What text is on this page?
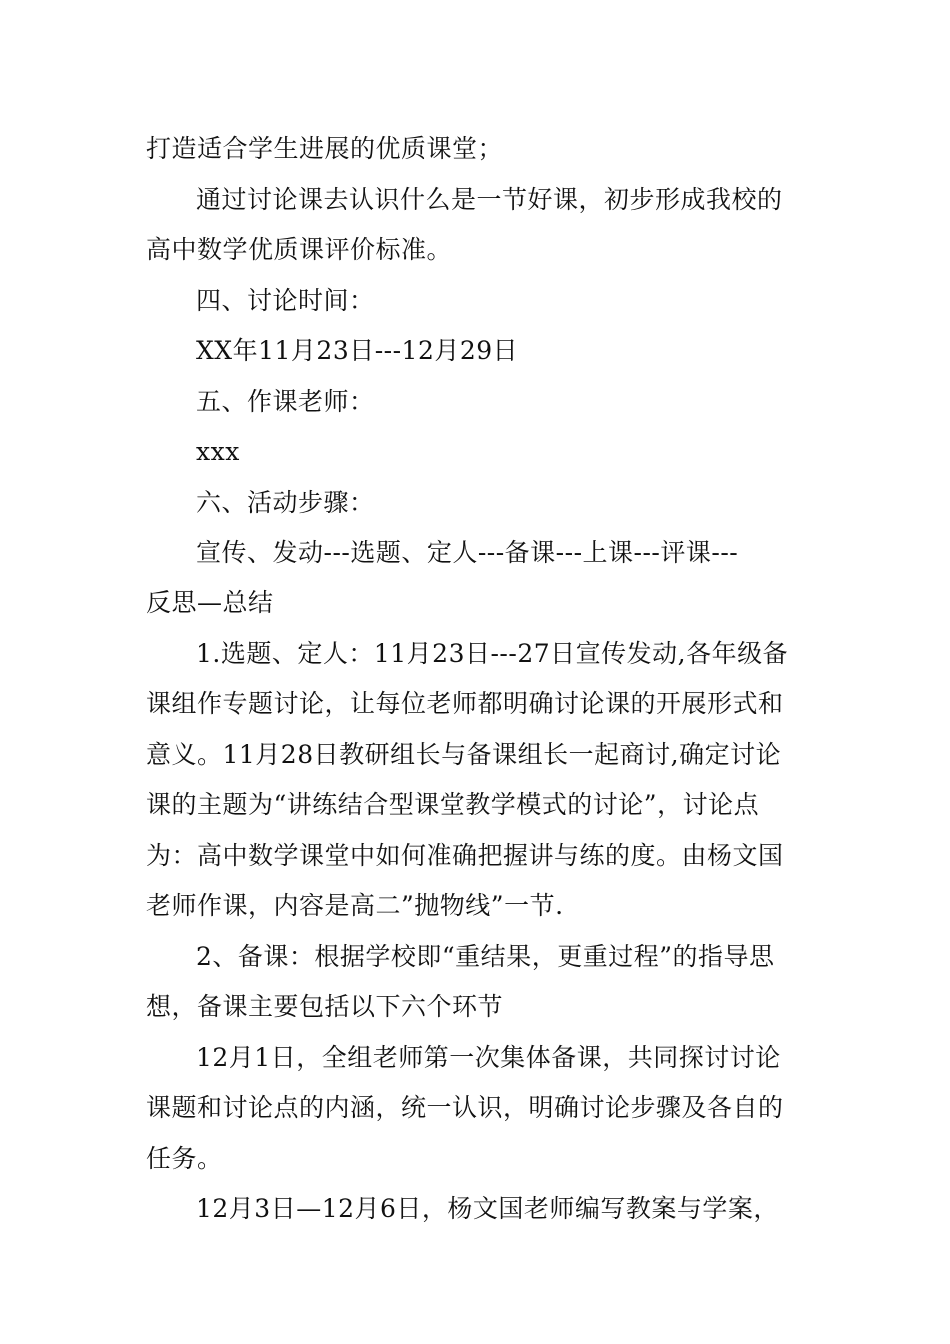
打造适合学生进展的优质课堂；
通过讨论课去认识什么是一节好课，初步形成我校的
高中数学优质课评价标准。
四、讨论时间：
XX年11月23日---12月29日
五、作课老师：
xxx
六、活动步骤：
宣传、发动---选题、定人---备课---上课---评课---
反思—总结
1.选题、定人：11月23日---27日宣传发动,各年级备
课组作专题讨论，让每位老师都明确讨论课的开展形式和
意义。11月28日教研组长与备课组长一起商讨,确定讨论
课的主题为“讲练结合型课堂教学模式的讨论”，讨论点
为：高中数学课堂中如何准确把握讲与练的度。由杨文国
老师作课，内容是高二”抛物线”一节.
2、备课：根据学校即“重结果，更重过程”的指导思
想，备课主要包括以下六个环节
12月1日，全组老师第一次集体备课，共同探讨讨论
课题和讨论点的内涵，统一认识，明确讨论步骤及各自的
任务。
12月3日—12月6日，杨文国老师编写教案与学案，
